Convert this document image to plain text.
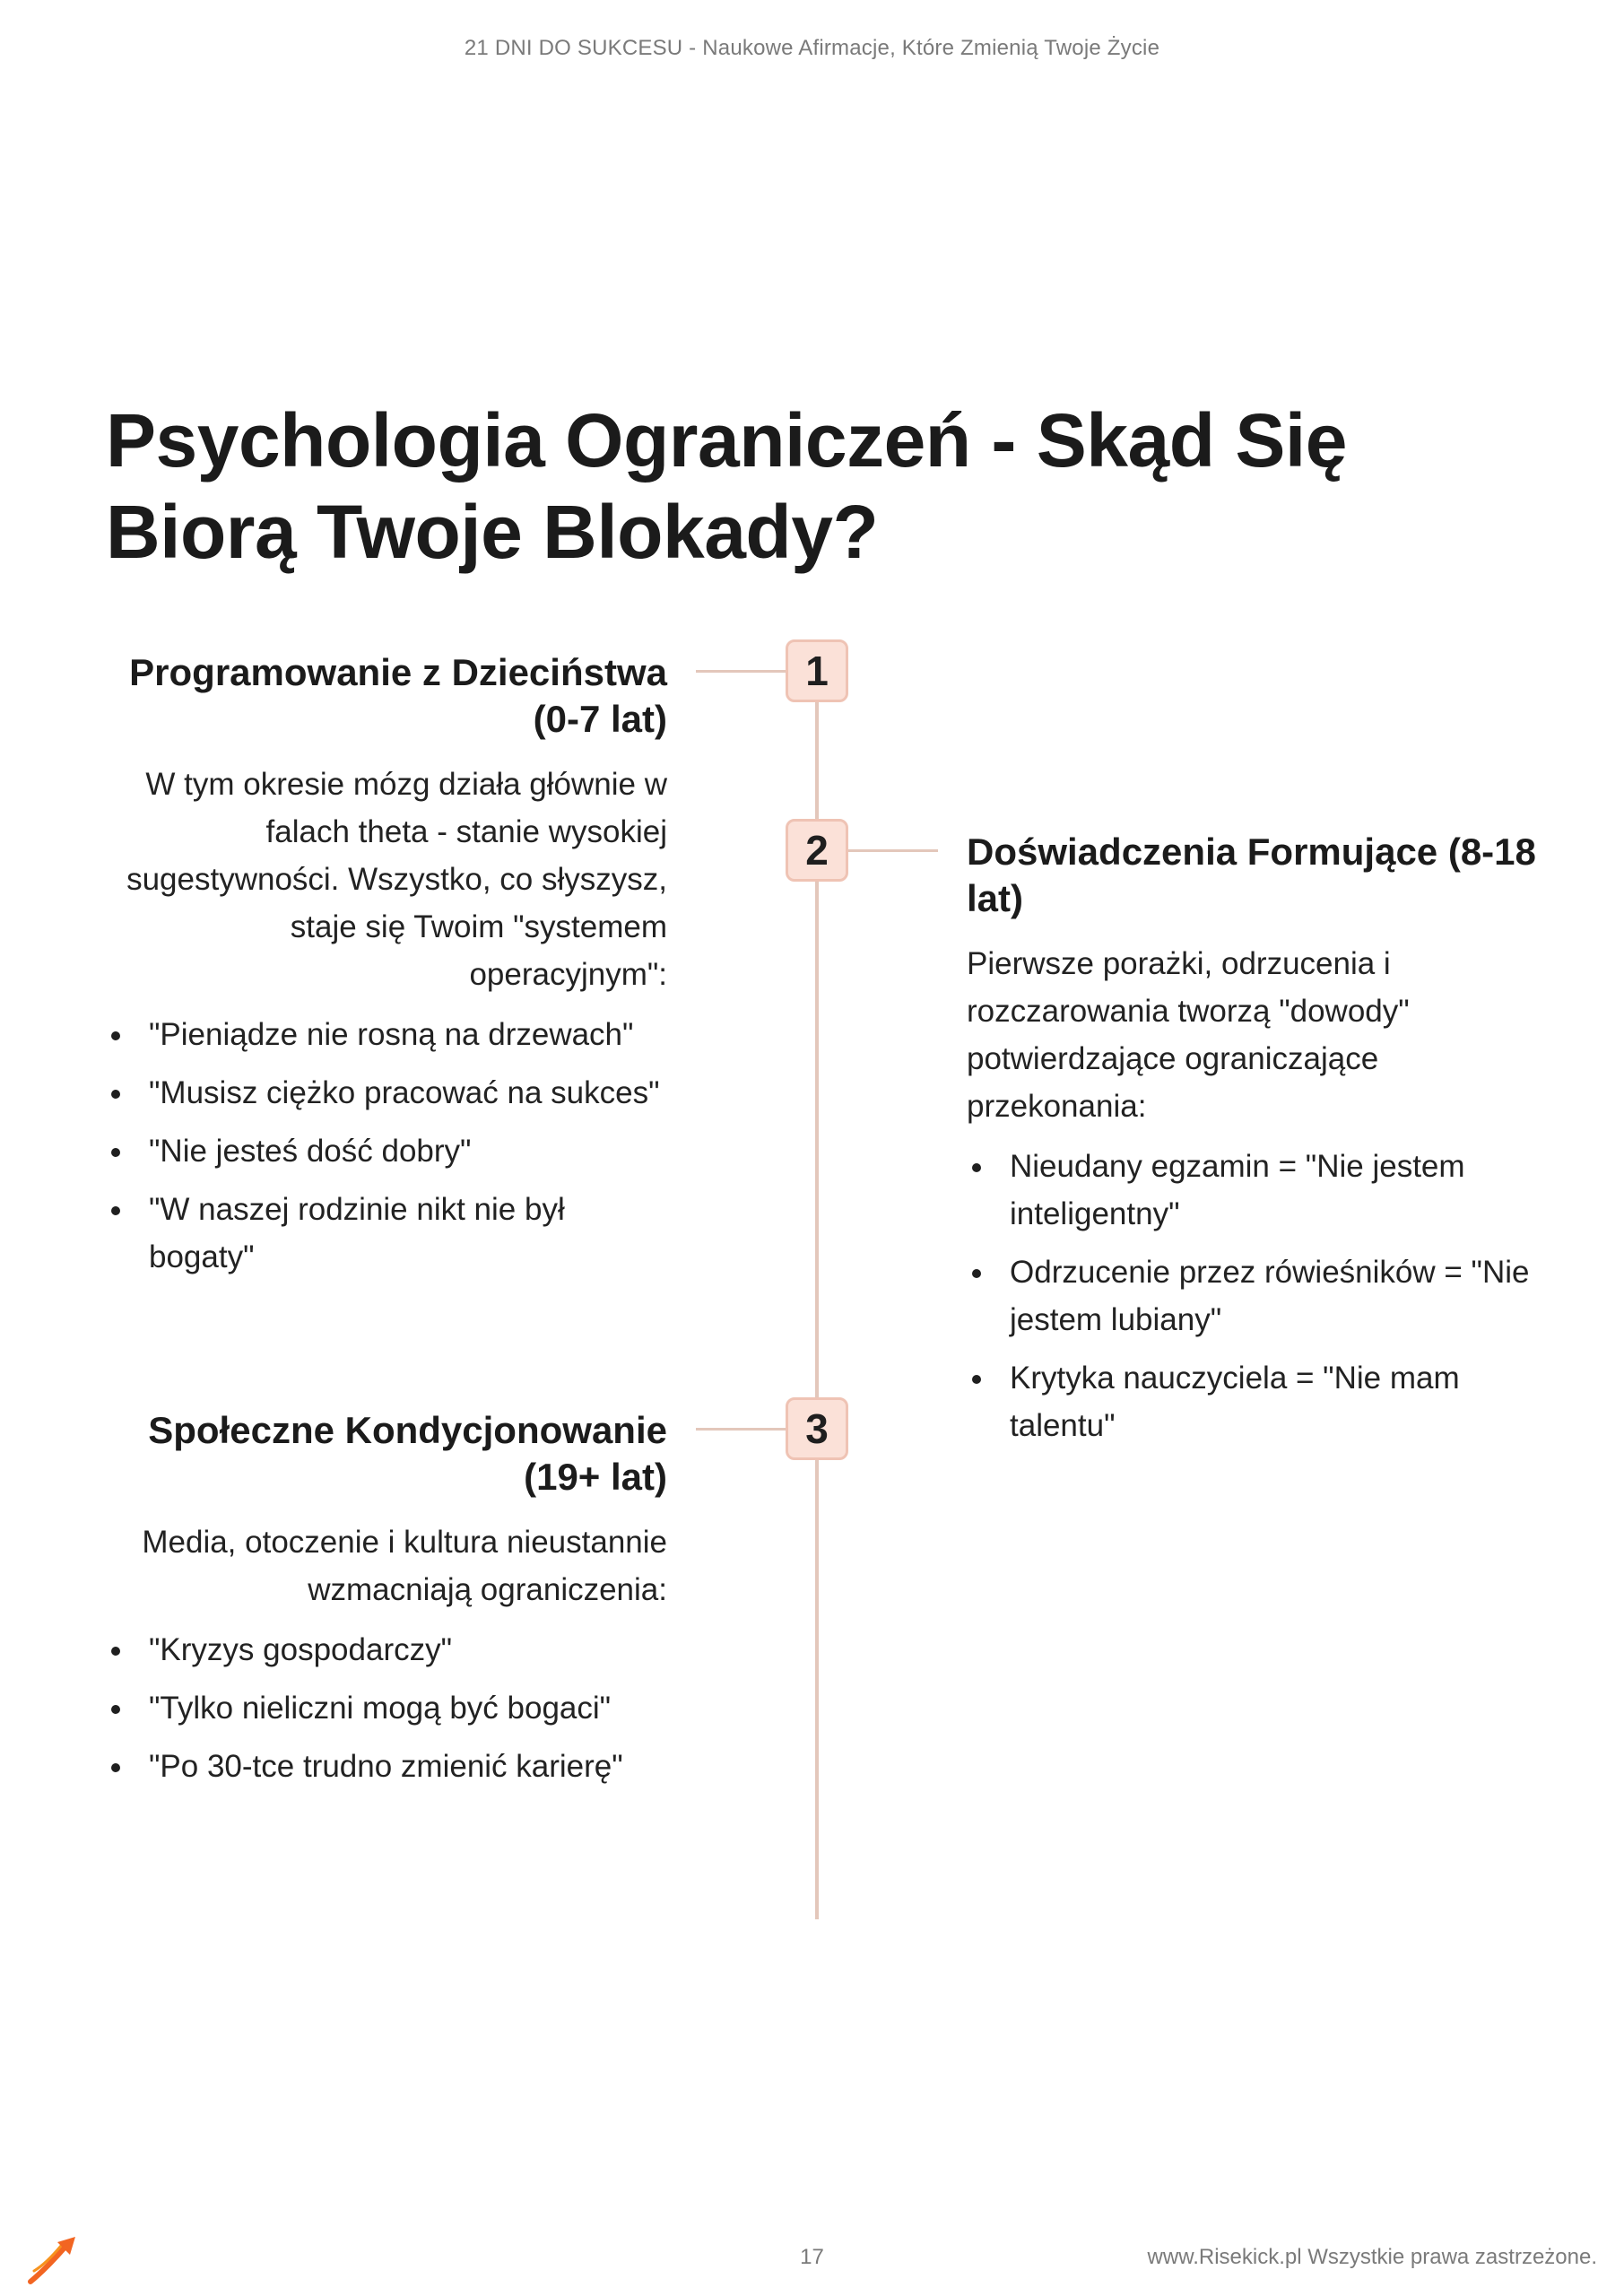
21 DNI DO SUKCESU - Naukowe Afirmacje, Które Zmienią Twoje Życie
Psychologia Ograniczeń - Skąd Się Biorą Twoje Blokady?
1
2
3
Programowanie z Dzieciństwa (0-7 lat)

W tym okresie mózg działa głównie w falach theta - stanie wysokiej sugestywności. Wszystko, co słyszysz, staje się Twoim "systemem operacyjnym":

"Pieniądze nie rosną na drzewach"
"Musisz ciężko pracować na sukces"
"Nie jesteś dość dobry"
"W naszej rodzinie nikt nie był bogaty"
Doświadczenia Formujące (8-18 lat)

Pierwsze porażki, odrzucenia i rozczarowania tworzą "dowody" potwierdzające ograniczające przekonania:

Nieudany egzamin = "Nie jestem inteligentny"
Odrzucenie przez rówieśników = "Nie jestem lubiany"
Krytyka nauczyciela = "Nie mam talentu"
Społeczne Kondycjonowanie (19+ lat)

Media, otoczenie i kultura nieustannie wzmacniają ograniczenia:

"Kryzys gospodarczy"
"Tylko nieliczni mogą być bogaci"
"Po 30-tce trudno zmienić karierę"
17	www.Risekick.pl Wszystkie prawa zastrzeżone.
